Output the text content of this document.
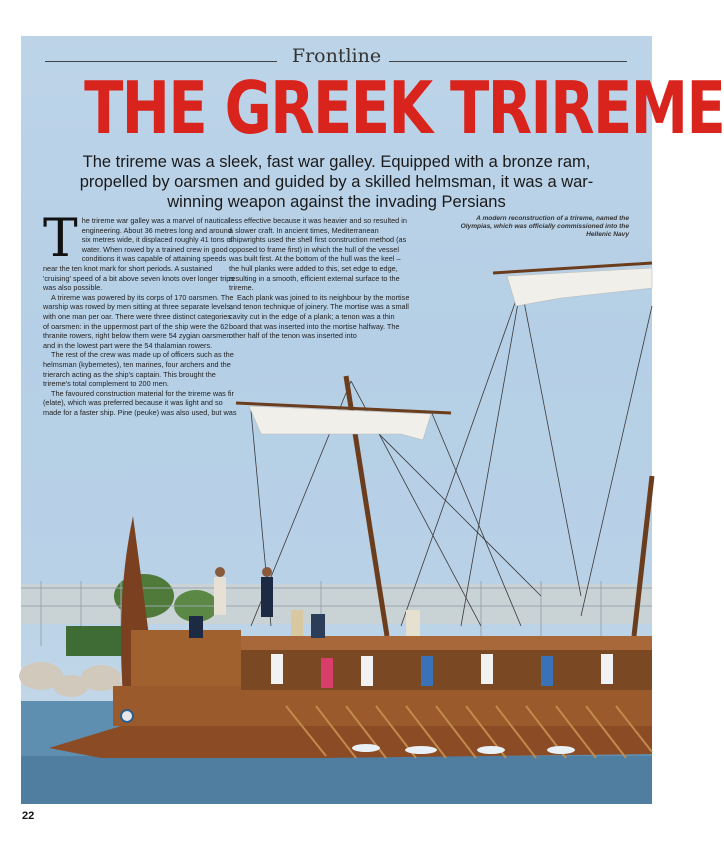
Frontline
THE GREEK TRIREME
The trireme was a sleek, fast war galley. Equipped with a bronze ram, propelled by oarsmen and guided by a skilled helmsman, it was a war-winning weapon against the invading Persians

The trireme war galley was a marvel of nautical engineering. About 36 metres long and around six metres wide, it displaced roughly 41 tons of water. When rowed by a trained crew in good conditions it was capable of attaining speeds near the ten knot mark for short periods. A sustained 'cruising' speed of a bit above seven knots over longer trips was also possible.

A trireme was powered by its corps of 170 oarsmen. The warship was rowed by men sitting at three separate levels, with one man per oar. There were three distinct categories of oarsmen: in the uppermost part of the ship were the 62 thranite rowers, right below them were 54 zygian oarsmen and in the lowest part were the 54 thalamian rowers.

The rest of the crew was made up of officers such as the helmsman (kybernetes), ten marines, four archers and the trierarch acting as the ship's captain. This brought the trireme's total complement to 200 men.

The favoured construction material for the trireme was fir (elate), which was preferred because it was light and so made for a faster ship. Pine (peuke) was also used, but was

less effective because it was heavier and so resulted in a slower craft. In ancient times, Mediterranean shipwrights used the shell first construction method (as opposed to frame first) in which the hull of the vessel was built first. At the bottom of the hull was the keel – the hull planks were added to this, set edge to edge, resulting in a smooth, efficient external surface to the trireme.

Each plank was joined to its neighbour by the mortise and tenon technique of joinery. The mortise was a small cavity cut in the edge of a plank; a tenon was a thin board that was inserted into the mortise halfway. The other half of the tenon was inserted into

A modern reconstruction of a trireme, named the Olympias, which was officially commissioned into the Hellenic Navy
22
